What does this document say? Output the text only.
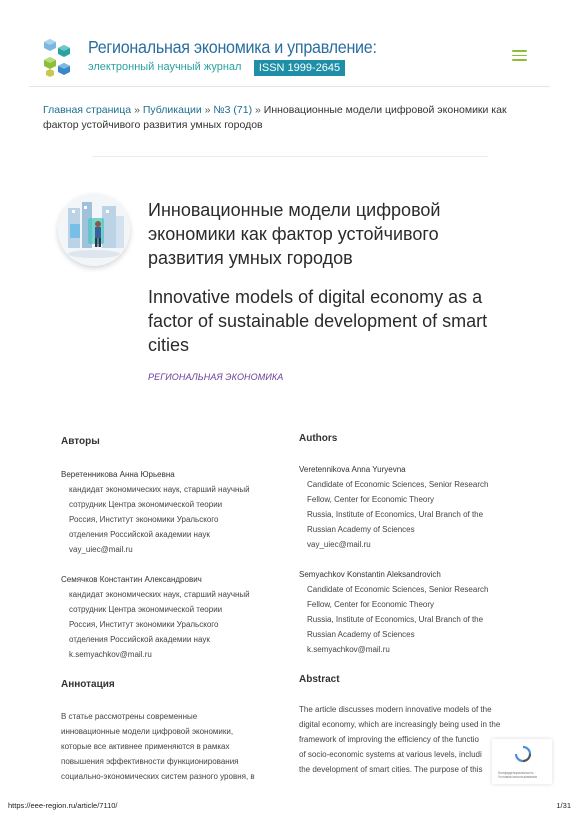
Региональная экономика и управление:
электронный научный журнал	ISSN 1999-2645
Главная страница » Публикации » №3 (71) » Инновационные модели цифровой экономики как фактор устойчивого развития умных городов
Инновационные модели цифровой экономики как фактор устойчивого развития умных городов
Innovative models of digital economy as a factor of sustainable development of smart cities
РЕГИОНАЛЬНАЯ ЭКОНОМИКА
Авторы
Веретенникова Анна Юрьевна
кандидат экономических наук, старший научный
сотрудник Центра экономической теории
Россия, Институт экономики Уральского
отделения Российской академии наук
vay_uiec@mail.ru
Семячков Константин Александрович
кандидат экономических наук, старший научный
сотрудник Центра экономической теории
Россия, Институт экономики Уральского
отделения Российской академии наук
k.semyachkov@mail.ru
Аннотация
В статье рассмотрены современные
инновационные модели цифровой экономики,
которые все активнее применяются в рамках
повышения эффективности функционирования
социально-экономических систем разного уровня, в
Authors
Veretennikova Anna Yuryevna
Candidate of Economic Sciences, Senior Research
Fellow, Center for Economic Theory
Russia, Institute of Economics, Ural Branch of the
Russian Academy of Sciences
vay_uiec@mail.ru
Semyachkov Konstantin Aleksandrovich
Candidate of Economic Sciences, Senior Research
Fellow, Center for Economic Theory
Russia, Institute of Economics, Ural Branch of the
Russian Academy of Sciences
k.semyachkov@mail.ru
Abstract
The article discusses modern innovative models of the
digital economy, which are increasingly being used in the
framework of improving the efficiency of the functio
of socio-economic systems at various levels, includi
the development of smart cities. The purpose of this	Конфиденциальность · Условия использования
https://eee-region.ru/article/7110/	1/31
